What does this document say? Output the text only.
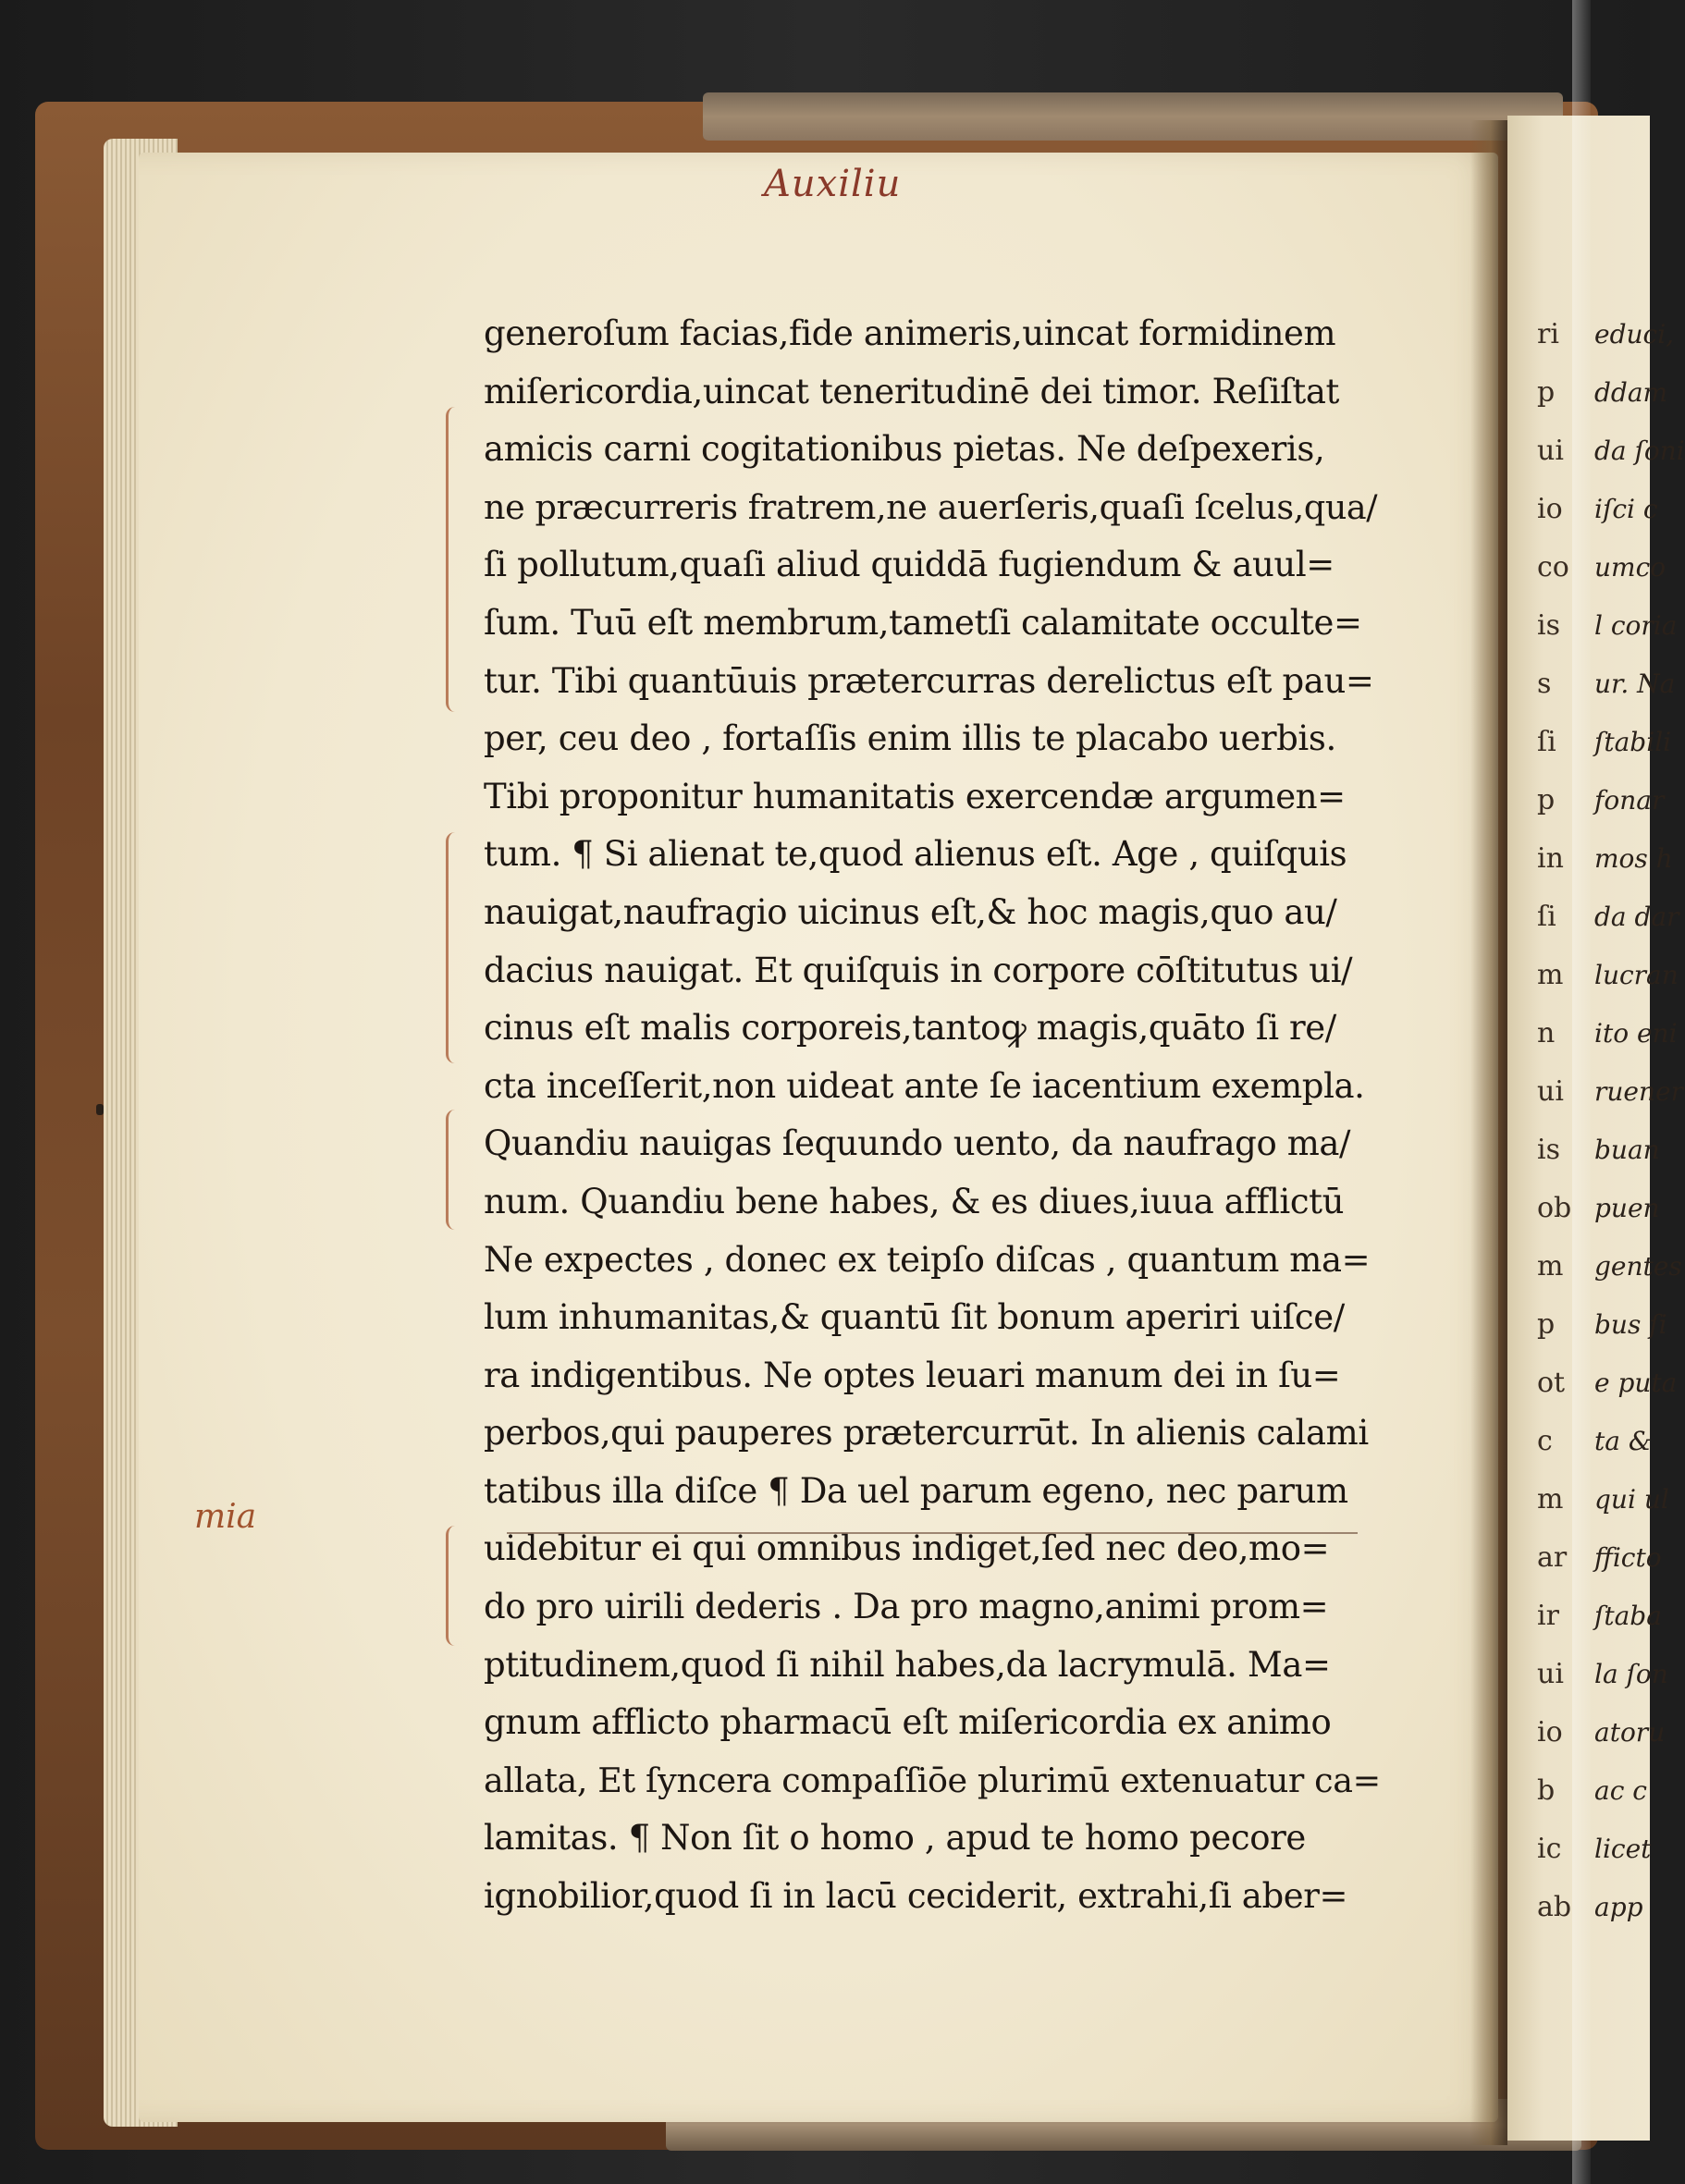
ri
p
ui
io
co
is
s
ſi
p
in
ſi
m
n
ui
is
ob
m
p
ot
c
m
ar
ir
ui
io
b
ic
ab
educi,
ddam
da ſoni
iſci c
umco
l coria
ur. Na
ſtabili
fonar
mos h
da dar
lucran
ito eni
ruener
buan
puen
gentes
bus ſi
e puta
ta &
qui ul
fficto
ſtaba
la ſon
atoru
ac c
licet
app
Auxiliu
generoſum facias,fide animeris,uincat formidinem
miſericordia,uincat teneritudinē dei timor. Reſiſtat
amicis carni cogitationibus pietas. Ne deſpexeris,
ne præcurreris fratrem,ne auerſeris,quaſi ſcelus,qua/
ſi pollutum,quaſi aliud quiddā fugiendum & auul=
ſum. Tuū eſt membrum,tametſi calamitate occulte=
tur. Tibi quantūuis prætercurras derelictus eſt pau=
per, ceu deo , fortaſſis enim illis te placabo uerbis.
Tibi proponitur humanitatis exercendæ argumen=
tum. ¶ Si alienat te,quod alienus eſt. Age , quiſquis
nauigat,naufragio uicinus eſt,& hoc magis,quo au/
dacius nauigat. Et quiſquis in corpore cōſtitutus ui/
cinus eſt malis corporeis,tantoꝙ magis,quāto ſi re/
cta inceſſerit,non uideat ante ſe iacentium exempla.
Quandiu nauigas ſequundo uento, da naufrago ma/
num. Quandiu bene habes, & es diues,iuua afflictū
Ne expectes , donec ex teipſo diſcas , quantum ma=
lum inhumanitas,& quantū ſit bonum aperiri uiſce/
ra indigentibus. Ne optes leuari manum dei in ſu=
perbos,qui pauperes prætercurrūt. In alienis calami
tatibus illa diſce ¶ Da uel parum egeno, nec parum
uidebitur ei qui omnibus indiget,ſed nec deo,mo=
do pro uirili dederis . Da pro magno,animi prom=
ptitudinem,quod ſi nihil habes,da lacrymulā. Ma=
gnum afflicto pharmacū eſt miſericordia ex animo
allata, Et ſyncera compaſſiōe plurimū extenuatur ca=
lamitas. ¶ Non ſit o homo , apud te homo pecore
ignobilior,quod ſi in lacū ceciderit, extrahi,ſi aber=
mia
